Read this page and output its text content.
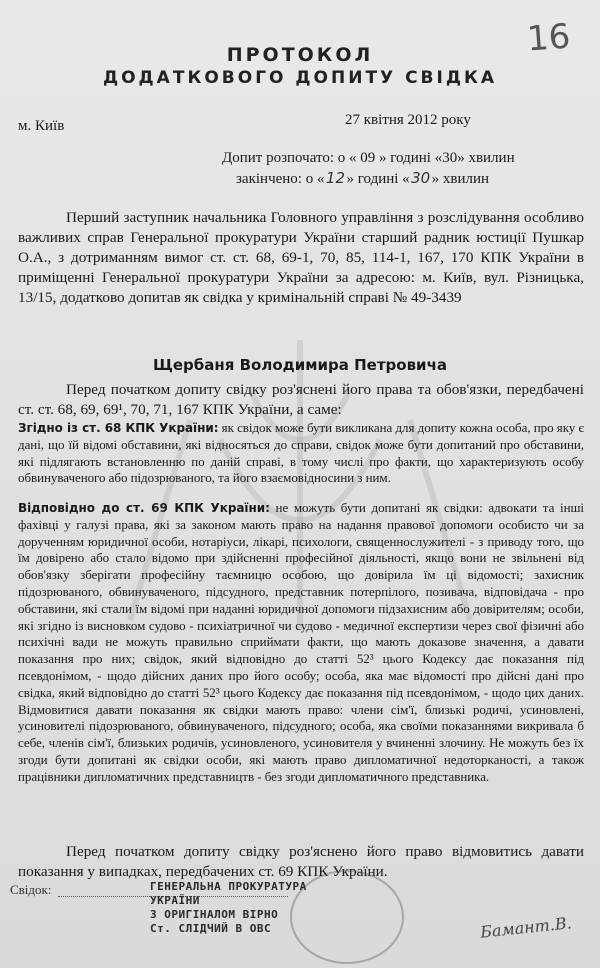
16
ПРОТОКОЛ
ДОДАТКОВОГО ДОПИТУ СВІДКА
м. Київ	27 квітня 2012 року
Допит розпочато: о « 09 » годині «30» хвилин
закінчено: о «12» годині «30» хвилин

Перший заступник начальника Головного управління з розслідування особливо важливих справ Генеральної прокуратури України старший радник юстиції Пушкар О.А., з дотриманням вимог ст. ст. 68, 69-1, 70, 85, 114-1, 167, 170 КПК України в приміщенні Генеральної прокуратури України за адресою: м. Київ, вул. Різницька, 13/15, додатково допитав як свідка у кримінальній справі № 49-3439

Щербаня Володимира Петровича

Перед початком допиту свідку роз'яснені його права та обов'язки, передбачені ст. ст. 68, 69, 69¹, 70, 71, 167 КПК України, а саме:

Згідно із ст. 68 КПК України: як свідок може бути викликана для допиту кожна особа, про яку є дані, що їй відомі обставини, які відносяться до справи, свідок може бути допитаний про обставини, які підлягають встановленню по даній справі, в тому числі про факти, що характеризують особу обвинуваченого або підозрюваного, та його взаємовідносини з ним.

Відповідно до ст. 69 КПК України: не можуть бути допитані як свідки: адвокати та інші фахівці у галузі права, які за законом мають право на надання правової допомоги особисто чи за дорученням юридичної особи, нотаріуси, лікарі, психологи, священнослужителі - з приводу того, що їм довірено або стало відомо при здійсненні професійної діяльності, якщо вони не звільнені від обов'язку зберігати професійну таємницю особою, що довірила їм ці відомості; захисник підозрюваного, обвинуваченого, підсудного, представник потерпілого, позивача, відповідача - про обставини, які стали їм відомі при наданні юридичної допомоги підзахисним або довірителям; особи, які згідно із висновком судово - психіатричної чи судово - медичної експертизи через свої фізичні або психічні вади не можуть правильно сприймати факти, що мають доказове значення, а давати показання про них; свідок, який відповідно до статті 52³ цього Кодексу дає показання під псевдонімом, - щодо дійсних даних про його особу; особа, яка має відомості про дійсні дані про свідка, який відповідно до статті 52³ цього Кодексу дає показання під псевдонімом, - щодо цих даних. Відмовитися давати показання як свідки мають право: члени сім'ї, близькі родичі, усиновлені, усиновителі підозрюваного, обвинуваченого, підсудного; особа, яка своїми показаннями викривала б себе, членів сім'ї, близьких родичів, усиновленого, усиновителя у вчиненні злочину. Не можуть без їх згоди бути допитані як свідки особи, які мають право дипломатичної недоторканості, а також працівники дипломатичних представництв - без згоди дипломатичного представника.

Перед початком допиту свідку роз'яснено його право відмовитись давати показання у випадках, передбачених ст. 69 КПК України.

Свідок:	ГЕНЕРАЛЬНА ПРОКУРАТУРА
УКРАЇНИ
З ОРИГІНАЛОМ ВІРНО
Ст. СЛІДЧИЙ В ОВС	Бамант.В.
